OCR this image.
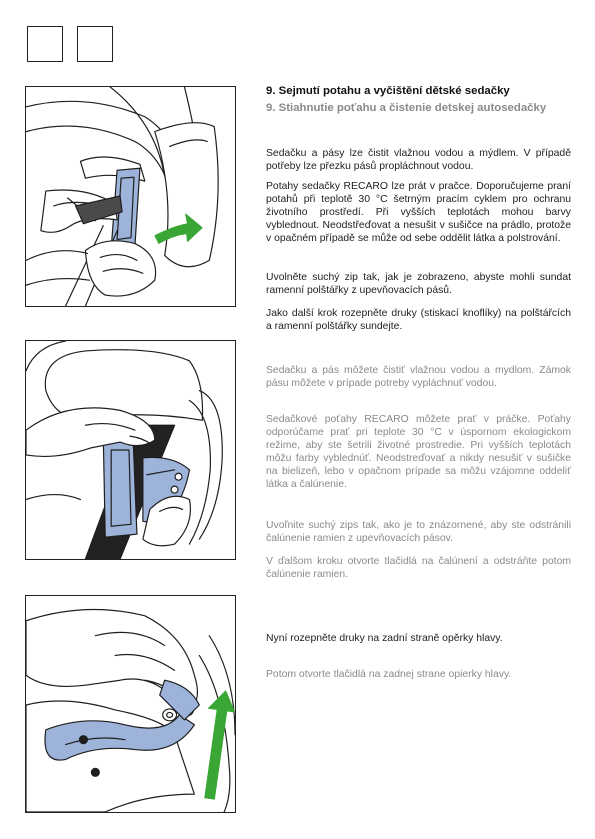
9. Sejmutí potahu a vyčištění dětské sedačky
9. Stiahnutie poťahu a čistenie detskej autosedačky

Sedačku a pásy lze čistit vlažnou vodou a mýdlem. V případě potřeby lze přezku pásů propláchnout vodou.

Potahy sedačky RECARO lze prát v pračce. Doporučujeme praní potahů při teplotě 30 °C šetrným pracím cyklem pro ochranu životního prostředí. Při vyšších teplotách mohou barvy vyblednout. Neodstřeďovat a nesušit v sušičce na prádlo, protože v opačném případě se může od sebe oddělit látka a polstrování.

Uvolněte suchý zip tak, jak je zobrazeno, abyste mohli sundat ramenní polštářky z upevňovacích pásů.

Jako další krok rozepněte druky (stiskací knoflíky) na polštářcích a ramenní polštářky sundejte.

Sedačku a pás môžete čistiť vlažnou vodou a mydlom. Zámok pásu môžete v prípade potreby vypláchnuť vodou.

Sedačkové poťahy RECARO môžete prať v práčke. Poťahy odporúčame prať pri teplote 30 °C v úspornom ekologickom režime, aby ste šetrili životné prostredie. Pri vyšších teplotách môžu farby vyblednúť. Neodstreďovať a nikdy nesušiť v sušičke na bielizeň, lebo v opačnom prípade sa môžu vzájomne oddeliť látka a čalúnenie.

Uvoľnite suchý zips tak, ako je to znázornené, aby ste odstránili čalúnenie ramien z upevňovacích pásov.

V ďalšom kroku otvorte tlačidlá na čalúnení a odstráňte potom čalúnenie ramien.

Nyní rozepněte druky na zadní straně opěrky hlavy.

Potom otvorte tlačidlá na zadnej strane opierky hlavy.
